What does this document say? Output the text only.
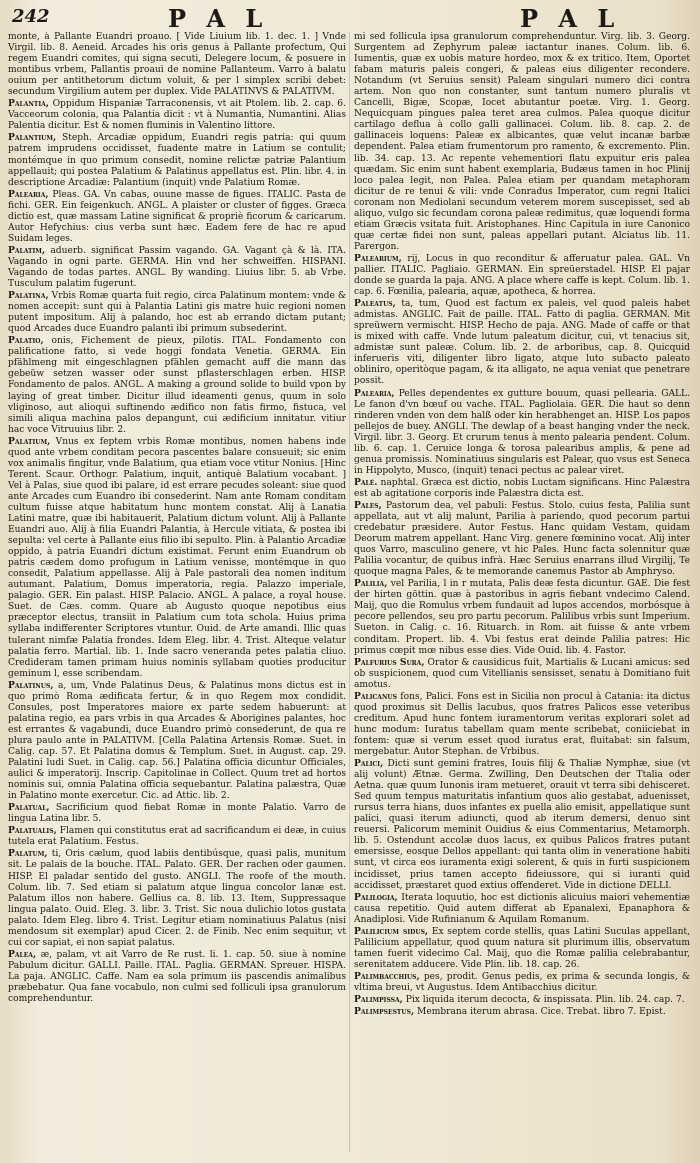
242	P A L	P A L

monte, à Pallante Euandri proauo. [ Vide Liuium lib. 1. dec. 1. ] Vnde Virgil. lib. 8. Aeneid. Arcades his oris genus à Pallante profectum, Qui regem Euandri comites, qui signa secuti, Delegere locum, & posuere in montibus vrbem, Pallantis proaui de nomine Pallanteum. Varro à balatu ouium per antithetorum dictum voluit, & per l simplex scribi debet: secundum Virgilium autem per duplex. Vide PALATINVS & PALATIVM.

Palantia, Oppidum Hispaniæ Tarraconensis, vt ait Ptolem. lib. 2. cap. 6. Vacceorum colonia, qua Palantia dicit : vt à Numantia, Numantini. Alias Palentia dicitur. Est & nomen fluminis in Valentino littore.

Palantium, Steph. Arcadiæ oppidum, Euandri regis patria: qui quum patrem imprudens occidisset, fuadente matre in Latium se contulit; montémque in quo primum consedit, nomine relictæ patriæ Palantium appellauit; qui postea Palatium & Palatinus appellatus est. Plin. libr. 4. in descriptione Arcadiæ: Palantium (inquit) vnde Palatium Romæ.

Palearia, Pleas. GA. Vn cabas, ouune masse de figues. ITALIC. Pasta de fichi. GER. Ein feigenkuch. ANGL. A plaister or cluster of figges. Græca dictio est, quæ massam Latine significat & propriè ficorum & caricarum. Autor Hefychius: cius verba sunt hæc. Eadem fere de hac re apud Suidam leges.

Palatim, aduerb. significat Passim vagando. GA. Vagant çà & là. ITA. Vagando in ogni parte. GERMA. Hin vnd her schweiffen. HISPANI. Vagando de todas partes. ANGL. By wanding. Liuius libr. 5. ab Vrbe. Tusculum palatim fugerunt.

Palatina, Vrbis Romæ quarta fuit regio, circa Palatinum montem: vnde & nomen accepit: sunt qui à Palantia Latini gis matre huic regioni nomen putent impositum. Alij à palando, hoc est ab errando dictam putant; quod Arcades duce Euandro palanti ibi primum subsederint.

Palatio, onis, Fichement de pieux, pilotis. ITAL. Fondamento con palificatione fatto, si vede hoggi fondata Venetia. GERMA. Ein pfählmeng mit eingeschlagnen pfählen gemacht auff die mann das gebeüw setzen wasser oder sunst pflasterschlagen erben. HISP. Fondamento de palos. ANGL. A making a ground solide to build vpon by laying of great timber. Dicitur illud ideamenti genus, quum in solo vliginoso, aut alioqui suftinendo ædifico non fatis firmo, fistuca, vel simili aliqua machina palos depangunt, cui ædificium innitatur. vitiur hac voce Vitruuius libr. 2.

Palatium, Vnus ex feptem vrbis Romæ montibus, nomen habens inde quod ante vrbem conditam pecora pascentes balare consueuit; sic enim vox animalis fingitur, vnde Balatium, qua etiam voce vtitur Nonius. [Hinc Terent. Scaur. Orthogr. Palatium, inquit, antiquè Balatium vocabant. ] Vel à Palas, siue quod ibi palare, id est errare pecudes soleant: siue quod ante Arcades cum Euandro ibi consederint. Nam ante Romam conditam cultum fuisse atque habitatum hunc montem constat. Alij à Lanatia Latini matre, quæ ibi habitauerit, Palatium dictum volunt. Alij à Pallante Euandri auo. Alij à filia Euandri Palantia, à Hercule vitiata, & postea ibi sepulta: vel certe à Pallante eius filio ibi sepulto. Plin. à Palantio Arcadiæ oppido, à patria Euandri dictum existimat. Ferunt enim Euandrum ob patris cædem domo profugum in Latium venisse, montémque in quo consedit, Palatium appellasse. Alij à Pale pastorali dea nomen inditum autumant. Palatium, Domus imperatoria, regia. Palazzo imperiale, palagio. GER. Ein palast. HISP. Palacio. ANGL. A palace, a royal house. Suet. de Cæs. comm. Quare ab Augusto quoque nepotibus eius præceptor electus, transiit in Palatium cum tota schola. Huius prima syllaba indifferenter Scriptores vtuntur. Ouid. de Arte amandi. Illic quas tulerant nimfæ Palatia frondes. Idem Eleg. libr. 4. Trist. Alteque velatur palatia ferro. Martial. lib. 1. Inde sacro veneranda petes palatia cliuo. Credideram tamen primam huius nominis syllabam quoties producitur geminum l, esse scribendam.

Palatinus, a, um, Vnde Palatinus Deus, & Palatinus mons dictus est in quo primò Roma ædificata fertur, & in quo Regem mox condidit. Consules, post Imperatores maiore ex parte sedem habuerunt: at palatina regio, ea pars vrbis in qua Arcades & Aborigines palantes, hoc est errantes & vagabundi, duce Euandro primò consederunt, de qua re plura paulo ante in PALATIVM. [Cella Palatina Artensis Romæ. Suet. in Calig. cap. 57. Et Palatina domus & Templum. Suet. in August. cap. 29. Palatini ludi Suet. in Calig. cap. 56.] Palatina officia dicuntur Officiales, aulici & imperatorij. Inscrip. Capitolinae in Collect. Quum tret ad hortos nominis sui, omnia Palatina officia sequebantur. Palatina palæstra, Quæ in Palatino monte exercetur. Cic. ad Attic. lib. 2.

Palatual, Sacrificium quod fiebat Romæ in monte Palatio. Varro de lingua Latina libr. 5.

Palatualis, Flamen qui constitutus erat ad sacrificandum ei deæ, in cuius tutela erat Palatium. Festus.

Palatum, ti, Oris cælum, quod labiis dentibúsque, quasi palis, munitum sit. Le palais de la bouche. ITAL. Palato. GER. Der rachen oder gaumen. HISP. El paladar sentido del gusto. ANGLI. The roofe of the mouth. Colum. lib. 7. Sed etiam si palatum atque lingua concolor lanæ est. Palatum illos non habere. Gellius ca. 8. lib. 13. Item, Suppressaque lingua palato. Ouid. Eleg. 3. libr. 3. Trist. Sic noua dulichio lotos gustata palato. Idem Eleg. libro 4. Trist. Legitur etiam nominatiuus Palatus (nisi mendosum sit exemplar) apud Cicer. 2. de Finib. Nec enim sequitur, vt cui cor sapiat, ei non sapiat palatus.

Palea, æ, palam, vt ait Varro de Re rust. li. 1. cap. 50. siue à nomine Pabulum dicitur. GALLI. Paille. ITAL. Paglia. GERMAN. Spreuer. HISPA. La paja. ANGLIC. Caffe. Nam ea sola primum iis pascendis animalibus præbebatur. Qua fane vocabulo, non culmi sed folliculi ipsa granulorum comprehenduntur.

mi sed follicula ipsa granulorum comprehenduntur. Virg. lib. 3. Georg. Surgentem ad Zephyrum paleæ iactantur inanes. Colum. lib. 6. Iumentis, quæ ex uobis mature hordeo, mox & ex tritico. Item, Oportet fabam maturis paleis congeri, & paleas eius diligenter recondere. Notandum (vt Seruius sensit) Paleam singulari numero dici contra artem. Non quo non constanter, sunt tantum numero pluralis vt Cancelli, Bigæ, Scopæ, Iocet abutantur poetæ. Virg. 1. Georg. Nequicquam pingues palea teret area culmos. Palea quoque dicitur cartilago deflua à collo galli gallinacei. Colum. lib. 8. cap. 2. de gallinaceis loquens: Paleæ ex albicantes, quæ velut incanæ barbæ dependent. Palea etiam frumentorum pro ramento, & excremento. Plin. lib. 34. cap. 13. Ac repente vehementiori flatu expuitur eris palea quædam. Sic enim sunt habent exemplaria, Budæus tamen in hoc Plinij loco palea legit, non Palea. Palea etiam per quandam metaphoram dicitur de re tenui & vili: vnde Conradus Imperator, cum regni Italici coronam non Mediolani secundum veterem morem suscepisset, sed ab aliquo, vulgo sic fecundam corona paleæ redimitus, quæ loquendi forma etiam Græcis vsitata fuit. Aristophanes. Hinc Capitula in iure Canonico quæ certæ fidei non sunt, paleas appellari putant. Alciatus lib. 11. Parergon.

Palearium, rij, Locus in quo reconditur & afferuatur palea. GAL. Vn pallier. ITALIC. Pagliaio. GERMAN. Ein spreüerstadel. HISP. El pajar donde se guarda la paja. ANG. A place where caffe is kept. Colum. lib. 1. cap. 6. Fœnilia, palearia, aquæ, apotheca, & horrea.

Paleatus, ta, tum, Quod est factum ex paleis, vel quod paleis habet admistas. ANGLIC. Fait de paille. ITAL. Fatto di paglia. GERMAN. Mit spreüwern vermischt. HISP. Hecho de paja. ANG. Made of caffe or that is mixed with caffe. Vnde lutum paleatum dicitur, cui, vt tenacius sit, admistæ sunt paleæ. Colum. lib. 2. de arboribus, cap. 8. Quicquid inferueris viti, diligenter libro ligato, atque luto subacto paleato obliniro, operitòque pagam, & ita alligato, ne aqua veniat que penetrare possit.

Palearia, Pelles dependentes ex gutture bouum, quasi pellearia. GALL. Le fanon d'vn bœuf ou vache. ITAL. Pagliolaia. GER. Die haut so denn rinderen vnden von dem halß oder kin herabhenget an. HISP. Los papos pellejos de buey. ANGLI. The dewlap of a beast hanging vnder the neck. Virgil. libr. 3. Georg. Et crurum tenus à mento palearia pendent. Colum. lib. 6. cap. 1. Ceruice longa & torosa palearibus amplis, & pene ad genua promissis. Nominatiuus singularis est Palear, quo vsus est Seneca in Hippolyto, Musco, (inquit) tenaci pectus ac palear viret.

Palé. naphtal. Græca est dictio, nobis Luctam significans. Hinc Palæstra est ab agitatione corporis inde Palæstra dicta est.

Pales, Pastorum dea, vel pabuli: Festus. Stolo. cuius festa, Palilia sunt appellata, aut vt alij malunt, Parilia à pariendo, quod pecorum partui credebatur præsidere. Autor Festus. Hanc quidam Vestam, quidam Deorum matrem appellant. Hanc Virg. genere fœminino vocat. Alij inter quos Varro, masculino genere, vt hic Pales. Hunc facta solennitur quæ Palilia vocantur, de quibus infrà. Hæc Seruius enarrans illud Virgilij, Te quoque magna Pales, & te memorande canemus Pastor ab Amphryso.

Palilia, vel Parilia, l in r mutata, Palis deæ festa dicuntur. GAE. Die fest der hirten göttin. quæ à pastoribus in agris fiebant vndecimo Calend. Maij, quo die Romulus vrbem fundauit ad lupos accendos, morbósque à pecore pellendos, seu pro partu pecorum. Palilibus vrbis sunt Imperium. Sueton. in Calig. c. 16. Rituarch. in Rom. ait fuisse & ante vrbem conditam. Propert. lib. 4. Vbi festus erat deinde Palilia patres: Hic primus cœpit mœ nibus esse dies. Vide Ouid. lib. 4. Fastor.

Palfurius Sura, Orator & causidicus fuit, Martialis & Lucani amicus: sed ob suspicionem, quod cum Vitellianis sensisset, senatu à Domitiano fuit amotus.

Palicanus fons, Palici. Fons est in Sicilia non procul à Catania: ita dictus quod proximus sit Dellis lacubus, quos fratres Palicos esse veteribus creditum. Apud hunc fontem iuramentorum veritas explorari solet ad hunc modum: Iuratus tabellam quam mente scribebat, coniiciebat in fontem: quæ si verum esset quod iuratus erat, fluitabat: sin falsum, mergebatur. Autor Stephan. de Vrbibus.

Palici, Dicti sunt gemini fratres, Iouis filij & Thaliæ Nymphæ, siue (vt alij volunt) Ætnæ. Germa. Zwilling, Den Deutschen der Ttalia oder Aetna. quæ quum Iunonis iram metueret, orauit vt terra sibi dehisceret. Sed quum tempus maturitatis infantium quos alio gestabat, aduenisset, rursus terra hians, duos infantes ex puella alio emisit, appellatique sunt palici, quasi iterum adiuncti, quod ab iterum demersi, denuo sint reuersi. Palicorum meminit Ouidius & eius Commentarius, Metamorph. lib. 5. Ostendunt accolæ duos lacus, ex quibus Palicos fratres putant emersisse, eosque Dellos appellant: qui tanta olim in veneratione habiti sunt, vt circa eos iuramenta exigi solerent, & quis in furti suspicionem incidisset, prius tamen accepto fideiussore, qui si iuranti quid accidisset, præstaret quod extius offenderet. Vide in dictione DELLI.

Palilogia, Iterata loquutio, hoc est dictionis alicuius maiori vehementiæ causa repetitio. Quid autem differat ab Epanalexi, Epanaphora & Anadiplosi. Vide Rufinianum & Aquilam Romanum.

Palilicium sidus, Ex septem corde stellis, quas Latini Suculas appellant, Palilicium appellatur, quod quum natura sit plurimum illis, observatum tamen fuerit videcimo Cal. Maij, quo die Romæ palilia celebrabantur, serenitatem adducere. Vide Plin. lib. 18. cap. 26.

Palimbacchius, pes, prodit. Genus pedis, ex prima & secunda longis, & vltima breui, vt Augustus. Idem Antibacchius dicitur.

Palimpissa, Pix liquida iterum decocta, & inspissata. Plin. lib. 24. cap. 7.

Palimpsestus, Membrana iterum abrasa. Cice. Trebat. libro 7. Epist.
